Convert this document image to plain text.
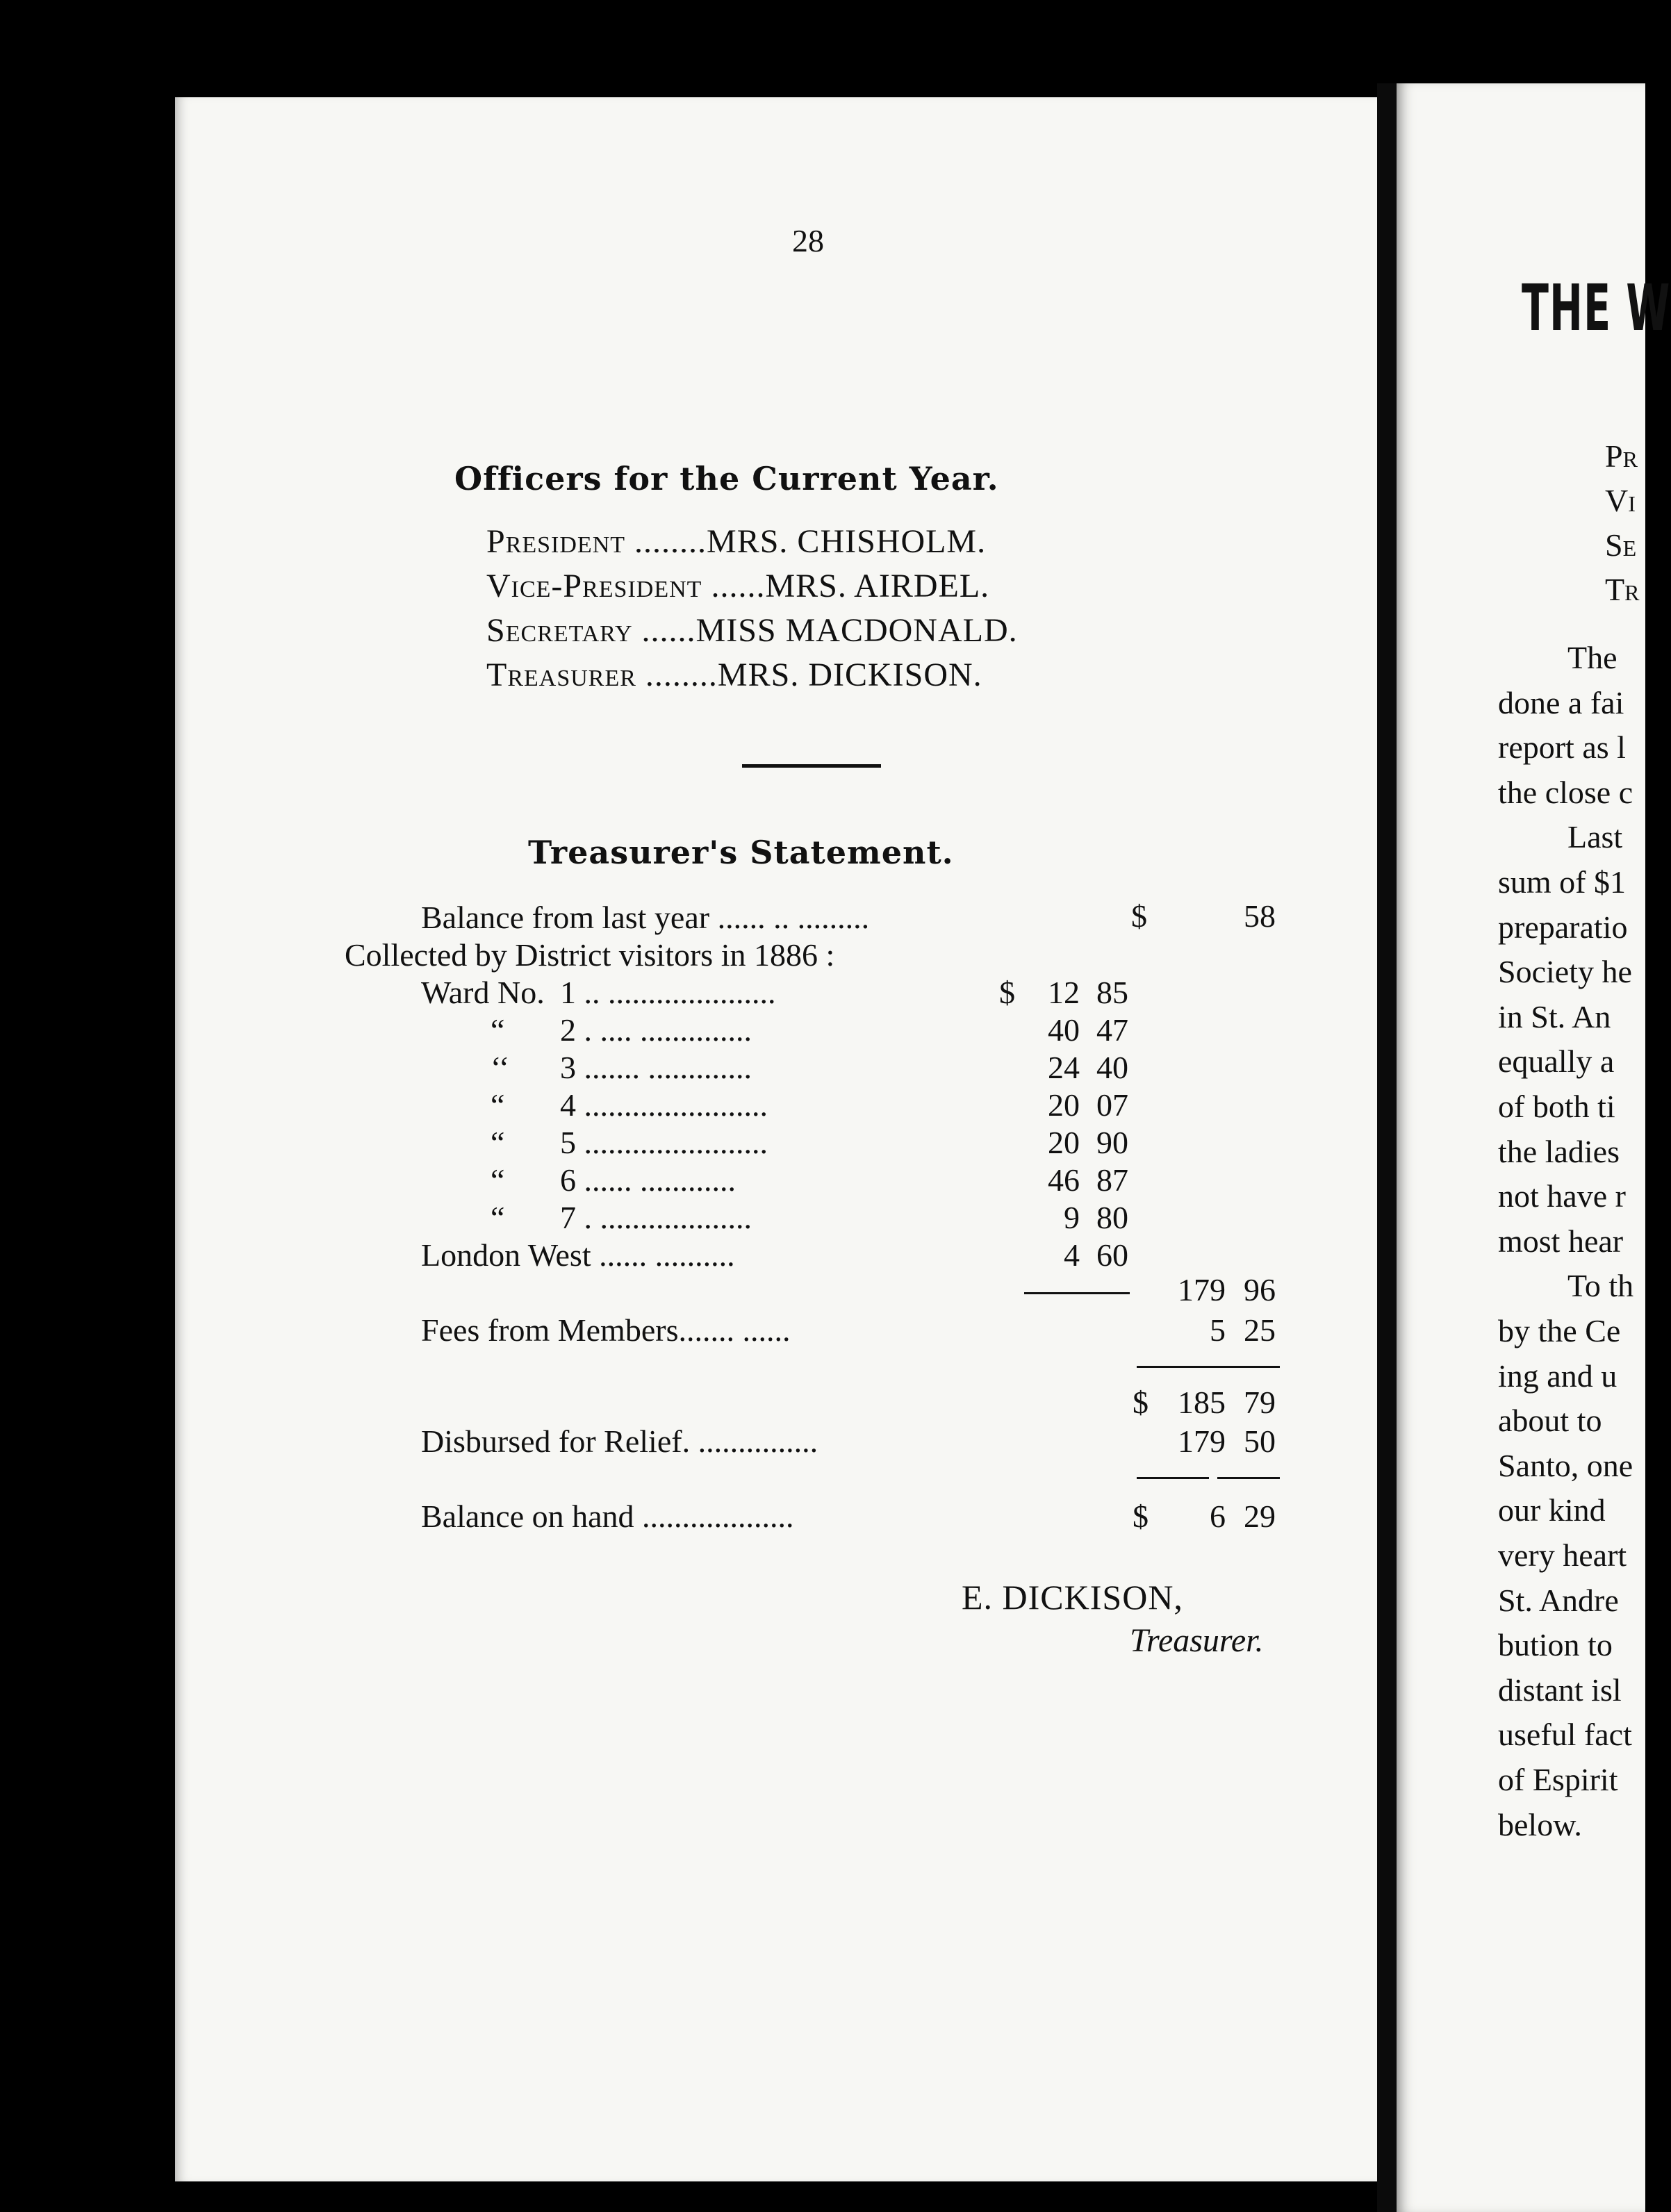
THE W
Pr
Vi
Se
Tr
The
done a fai
report as l
the close c
Last
sum of $1
preparatio
Society he
in St. An
equally a
of both ti
the ladies
not have r
most hear
To th
by the Ce
ing and u
about to
Santo, one
our kind
very heart
St. Andre
bution to
distant isl
useful fact
of Espirit
below.
28
Officers for the Current Year.
President ........MRS. CHISHOLM.
Vice-President ......MRS. AIRDEL.
Secretary ......MISS MACDONALD.
Treasurer ........MRS. DICKISON.
Treasurer's Statement.
Balance from last year ...... .. .........	$	58
Collected by District visitors in 1886 :
Ward No. 1 .. .....................	$	12 85
“ 2 . .... ..............	40 47
‘‘ 3 ....... .............	24 40
“ 4 .......................	20 07
“ 5 .......................	20 90
“ 6 ...... ............	46 87
“ 7 . ...................	9 80
London West ...... ..........	4 60
179 96
Fees from Members....... ......	5 25
$ 185 79
Disbursed for Relief. ...............	179 50
Balance on hand ...................	$	6 29
E. DICKISON,
Treasurer.
